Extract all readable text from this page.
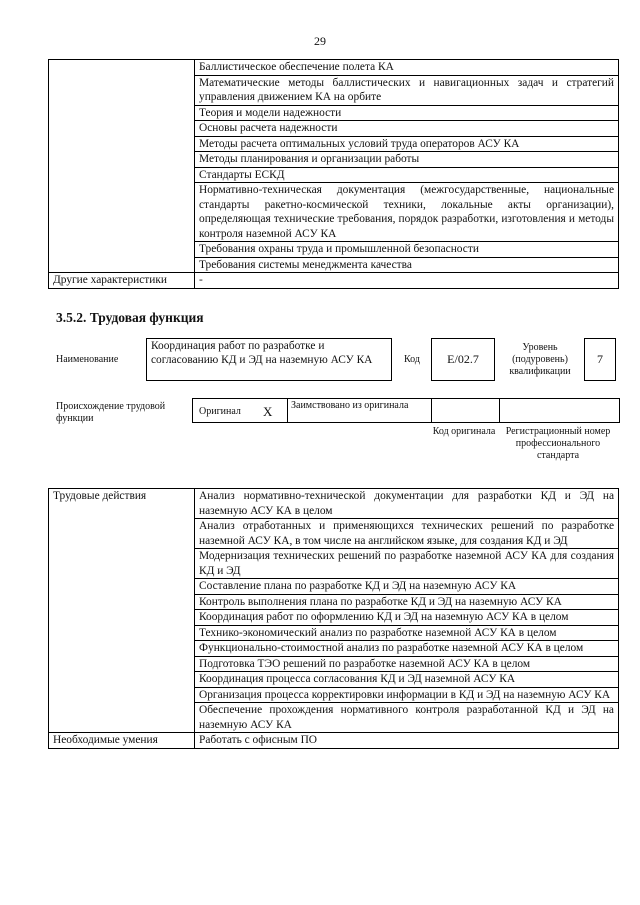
29
	Баллистическое обеспечение полета КА
	Математические методы баллистических и навигационных задач и стратегий управления движением КА на орбите
	Теория и модели надежности
	Основы расчета надежности
	Методы расчета оптимальных условий труда операторов АСУ КА
	Методы планирования и организации работы
	Стандарты ЕСКД
	Нормативно-техническая документация (межгосударственные, национальные стандарты ракетно-космической техники, локальные акты организации), определяющая технические требования, порядок разработки, изготовления и методы контроля наземной АСУ КА
	Требования охраны труда и промышленной безопасности
	Требования системы менеджмента качества
Другие характеристики	-
3.5.2. Трудовая функция
Наименование
Координация работ по разработке и согласованию КД и ЭД на наземную АСУ КА	Код	E/02.7
Уровень (подуровень) квалификации
7
Происхождение трудовой функции
Оригинал X Заимствовано из оригинала
Код оригинала	Регистрационный номер профессионального стандарта
Трудовые действия	Анализ нормативно-технической документации для разработки КД и ЭД на наземную АСУ КА в целом
	Анализ отработанных и применяющихся технических решений по разработке наземной АСУ КА, в том числе на английском языке, для создания КД и ЭД
	Модернизация технических решений по разработке наземной АСУ КА для создания КД и ЭД
	Составление плана по разработке КД и ЭД на наземную АСУ КА
	Контроль выполнения плана по разработке КД и ЭД на наземную АСУ КА
	Координация работ по оформлению КД и ЭД на наземную АСУ КА в целом
	Технико-экономический анализ по разработке наземной АСУ КА в целом
	Функционально-стоимостной анализ по разработке наземной АСУ КА в целом
	Подготовка ТЭО решений по разработке наземной АСУ КА в целом
	Координация процесса согласования КД и ЭД наземной АСУ КА
	Организация процесса корректировки информации в КД и ЭД на наземную АСУ КА
	Обеспечение прохождения нормативного контроля разработанной КД и ЭД на наземную АСУ КА
Необходимые умения	Работать с офисным ПО
